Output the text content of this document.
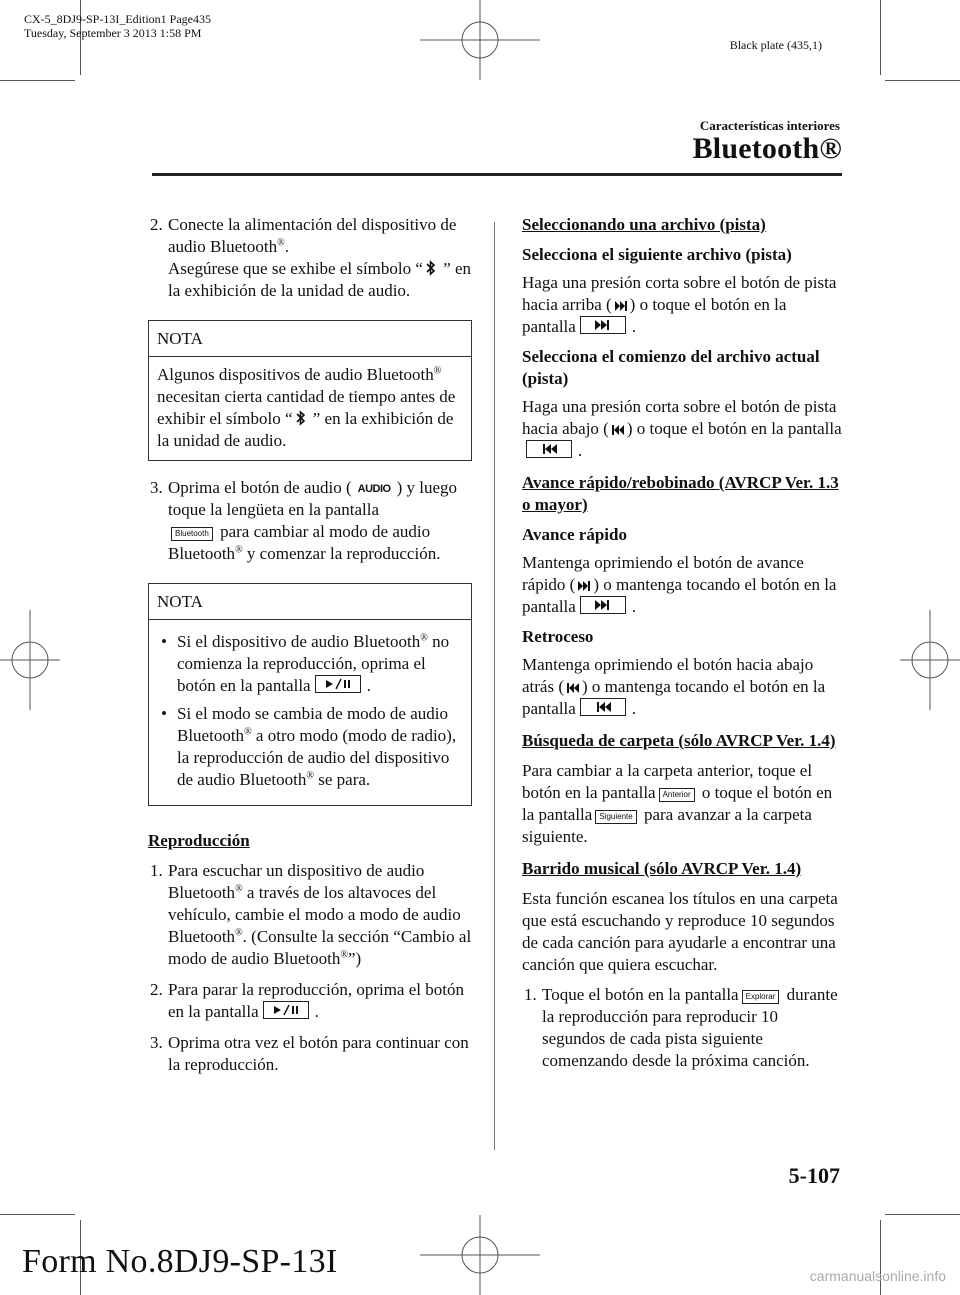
CX-5_8DJ9-SP-13I_Edition1 Page435
Tuesday, September 3 2013 1:58 PM
Black plate (435,1)
Características interiores
Bluetooth®
2. Conecte la alimentación del dispositivo de audio Bluetooth®.
Asegúrese que se exhibe el símbolo “ ” en la exhibición de la unidad de audio.
NOTA
Algunos dispositivos de audio Bluetooth® necesitan cierta cantidad de tiempo antes de exhibir el símbolo “ ” en la exhibición de la unidad de audio.
3. Oprima el botón de audio ( AUDIO ) y luego toque la lengüeta en la pantalla
Bluetooth para cambiar al modo de audio Bluetooth® y comenzar la reproducción.
NOTA
• Si el dispositivo de audio Bluetooth® no comienza la reproducción, oprima el botón en la pantalla	.
• Si el modo se cambia de modo de audio Bluetooth® a otro modo (modo de radio), la reproducción de audio del dispositivo de audio Bluetooth® se para.

Reproducción

1. Para escuchar un dispositivo de audio Bluetooth® a través de los altavoces del vehículo, cambie el modo a modo de audio Bluetooth®. (Consulte la sección “Cambio al modo de audio Bluetooth®”)
2. Para parar la reproducción, oprima el botón en la pantalla	.
3. Oprima otra vez el botón para continuar con la reproducción.

Seleccionando una archivo (pista)

Selecciona el siguiente archivo (pista)

Haga una presión corta sobre el botón de pista hacia arriba ( ) o toque el botón en la pantalla	.

Selecciona el comienzo del archivo actual (pista)

Haga una presión corta sobre el botón de pista hacia abajo ( ) o toque el botón en la pantalla
.

Avance rápido/rebobinado (AVRCP Ver. 1.3 o mayor)

Avance rápido

Mantenga oprimiendo el botón de avance rápido ( ) o mantenga tocando el botón en la pantalla	.

Retroceso

Mantenga oprimiendo el botón hacia abajo atrás ( ) o mantenga tocando el botón en la pantalla	.

Búsqueda de carpeta (sólo AVRCP Ver. 1.4)

Para cambiar a la carpeta anterior, toque el botón en la pantalla Anterior o toque el botón en la pantalla Siguiente para avanzar a la carpeta siguiente.

Barrido musical (sólo AVRCP Ver. 1.4)

Esta función escanea los títulos en una carpeta que está escuchando y reproduce 10 segundos de cada canción para ayudarle a encontrar una canción que quiera escuchar.

1. Toque el botón en la pantalla Explorar durante la reproducción para reproducir 10 segundos de cada pista siguiente comenzando desde la próxima canción.
5-107
Form No.8DJ9-SP-13I	carmanualsonline.info
